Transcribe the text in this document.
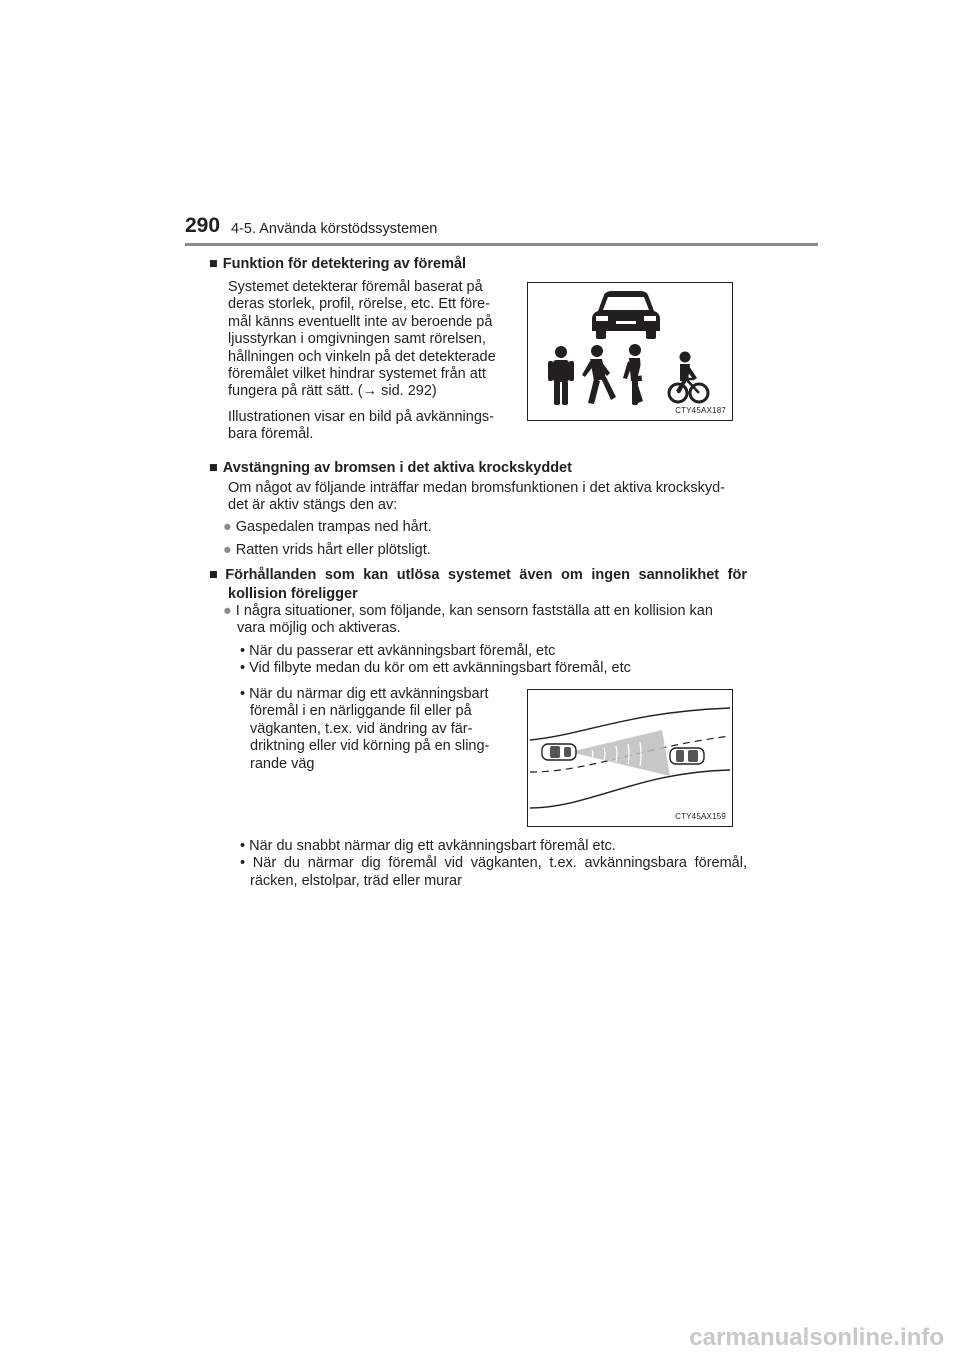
290 4-5. Använda körstödssystemen
■ Funktion för detektering av föremål
Systemet detekterar föremål baserat på
deras storlek, profil, rörelse, etc. Ett före-
mål känns eventuellt inte av beroende på
ljusstyrkan i omgivningen samt rörelsen,
hållningen och vinkeln på det detekterade
föremålet vilket hindrar systemet från att
fungera på rätt sätt. (→ sid. 292)
Illustrationen visar en bild på avkännings-
bara föremål.
CTY45AX187
■ Avstängning av bromsen i det aktiva krockskyddet
Om något av följande inträffar medan bromsfunktionen i det aktiva krockskyd-
det är aktiv stängs den av:
● Gaspedalen trampas ned hårt.
● Ratten vrids hårt eller plötsligt.
■ Förhållanden som kan utlösa systemet även om ingen sannolikhet för
kollision föreligger
● I några situationer, som följande, kan sensorn fastställa att en kollision kan
vara möjlig och aktiveras.
• När du passerar ett avkänningsbart föremål, etc
• Vid filbyte medan du kör om ett avkänningsbart föremål, etc
• När du närmar dig ett avkänningsbart
föremål i en närliggande fil eller på
vägkanten, t.ex. vid ändring av fär-
driktning eller vid körning på en sling-
rande väg
CTY45AX159
• När du snabbt närmar dig ett avkänningsbart föremål etc.
• När du närmar dig föremål vid vägkanten, t.ex. avkänningsbara föremål,
räcken, elstolpar, träd eller murar
carmanualsonline.info
